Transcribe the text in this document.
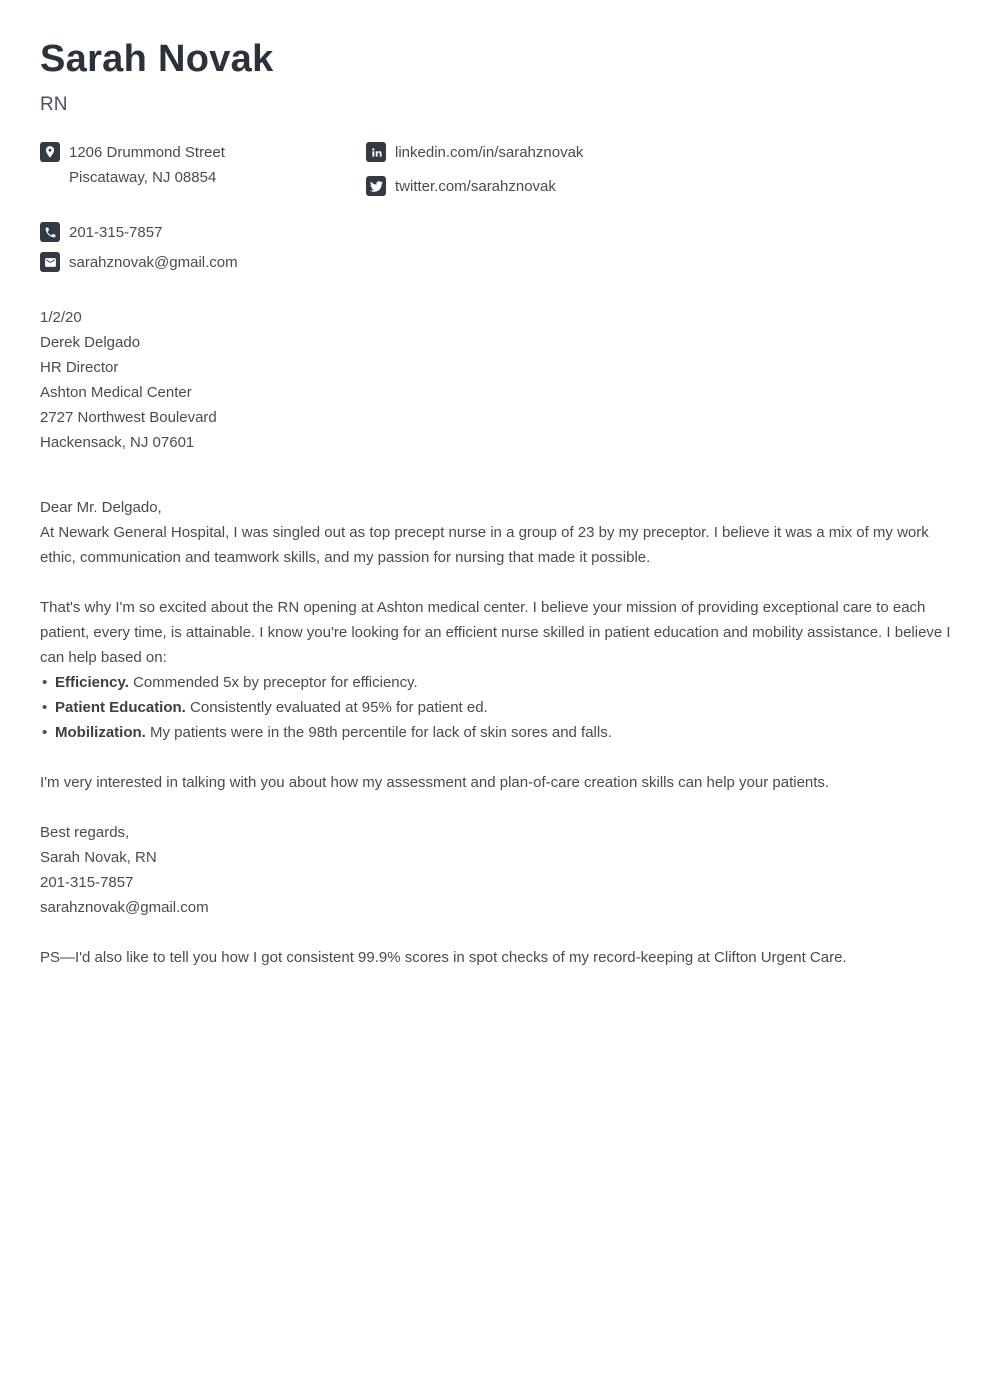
Sarah Novak

RN

1206 Drummond Street
Piscataway, NJ 08854
201-315-7857
sarahznovak@gmail.com
linkedin.com/in/sarahznovak
twitter.com/sarahznovak

1/2/20

Derek Delgado

HR Director

Ashton Medical Center

2727 Northwest Boulevard

Hackensack, NJ 07601

Dear Mr. Delgado,

At Newark General Hospital, I was singled out as top precept nurse in a group of 23 by my preceptor. I believe it was a mix of my work ethic, communication and teamwork skills, and my passion for nursing that made it possible.

That's why I'm so excited about the RN opening at Ashton medical center. I believe your mission of providing exceptional care to each patient, every time, is attainable. I know you're looking for an efficient nurse skilled in patient education and mobility assistance. I believe I can help based on:

• Efficiency. Commended 5x by preceptor for efficiency.
• Patient Education. Consistently evaluated at 95% for patient ed.
• Mobilization. My patients were in the 98th percentile for lack of skin sores and falls.

I'm very interested in talking with you about how my assessment and plan-of-care creation skills can help your patients.

Best regards,

Sarah Novak, RN

201-315-7857

sarahznovak@gmail.com

PS—I'd also like to tell you how I got consistent 99.9% scores in spot checks of my record-keeping at Clifton Urgent Care.
